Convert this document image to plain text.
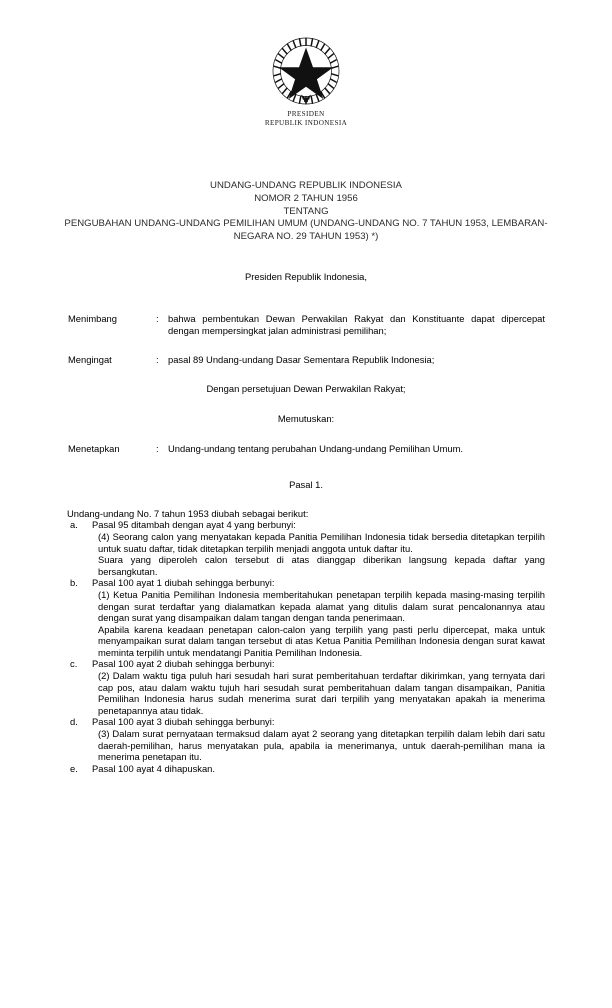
PRESIDEN
REPUBLIK INDONESIA
UNDANG-UNDANG REPUBLIK INDONESIA
NOMOR 2 TAHUN 1956
TENTANG
PENGUBAHAN UNDANG-UNDANG PEMILIHAN UMUM (UNDANG-UNDANG NO. 7 TAHUN 1953, LEMBARAN-NEGARA NO. 29 TAHUN 1953) *)
Presiden Republik Indonesia,
Menimbang	: bahwa pembentukan Dewan Perwakilan Rakyat dan Konstituante dapat dipercepat dengan mempersingkat jalan administrasi pemilihan;
Mengingat	: pasal 89 Undang-undang Dasar Sementara Republik Indonesia;
Dengan persetujuan Dewan Perwakilan Rakyat;
Memutuskan:
Menetapkan	: Undang-undang tentang perubahan Undang-undang Pemilihan Umum.
Pasal 1.
Undang-undang No. 7 tahun 1953 diubah sebagai berikut:
a.	Pasal 95 ditambah dengan ayat 4 yang berbunyi:
(4) Seorang calon yang menyatakan kepada Panitia Pemilihan Indonesia tidak bersedia ditetapkan terpilih untuk suatu daftar, tidak ditetapkan terpilih menjadi anggota untuk daftar itu.
Suara yang diperoleh calon tersebut di atas dianggap diberikan langsung kepada daftar yang bersangkutan.
b.	Pasal 100 ayat 1 diubah sehingga berbunyi:
(1) Ketua Panitia Pemilihan Indonesia memberitahukan penetapan terpilih kepada masing-masing terpilih dengan surat terdaftar yang dialamatkan kepada alamat yang ditulis dalam surat pencalonannya atau dengan surat yang disampaikan dalam tangan dengan tanda penerimaan.
Apabila karena keadaan penetapan calon-calon yang terpilih yang pasti perlu dipercepat, maka untuk menyampaikan surat dalam tangan tersebut di atas Ketua Panitia Pemilihan Indonesia dengan surat kawat meminta terpilih untuk mendatangi Panitia Pemilihan Indonesia.
c.	Pasal 100 ayat 2 diubah sehingga berbunyi:
(2) Dalam waktu tiga puluh hari sesudah hari surat pemberitahuan terdaftar dikirimkan, yang ternyata dari cap pos, atau dalam waktu tujuh hari sesudah surat pemberitahuan dalam tangan disampaikan, Panitia Pemilihan Indonesia harus sudah menerima surat dari terpilih yang menyatakan apakah ia menerima penetapannya atau tidak.
d.	Pasal 100 ayat 3 diubah sehingga berbunyi:
(3) Dalam surat pernyataan termaksud dalam ayat 2 seorang yang ditetapkan terpilih dalam lebih dari satu daerah-pemilihan, harus menyatakan pula, apabila ia menerimanya, untuk daerah-pemilihan mana ia menerima penetapan itu.
e.	Pasal 100 ayat 4 dihapuskan.
